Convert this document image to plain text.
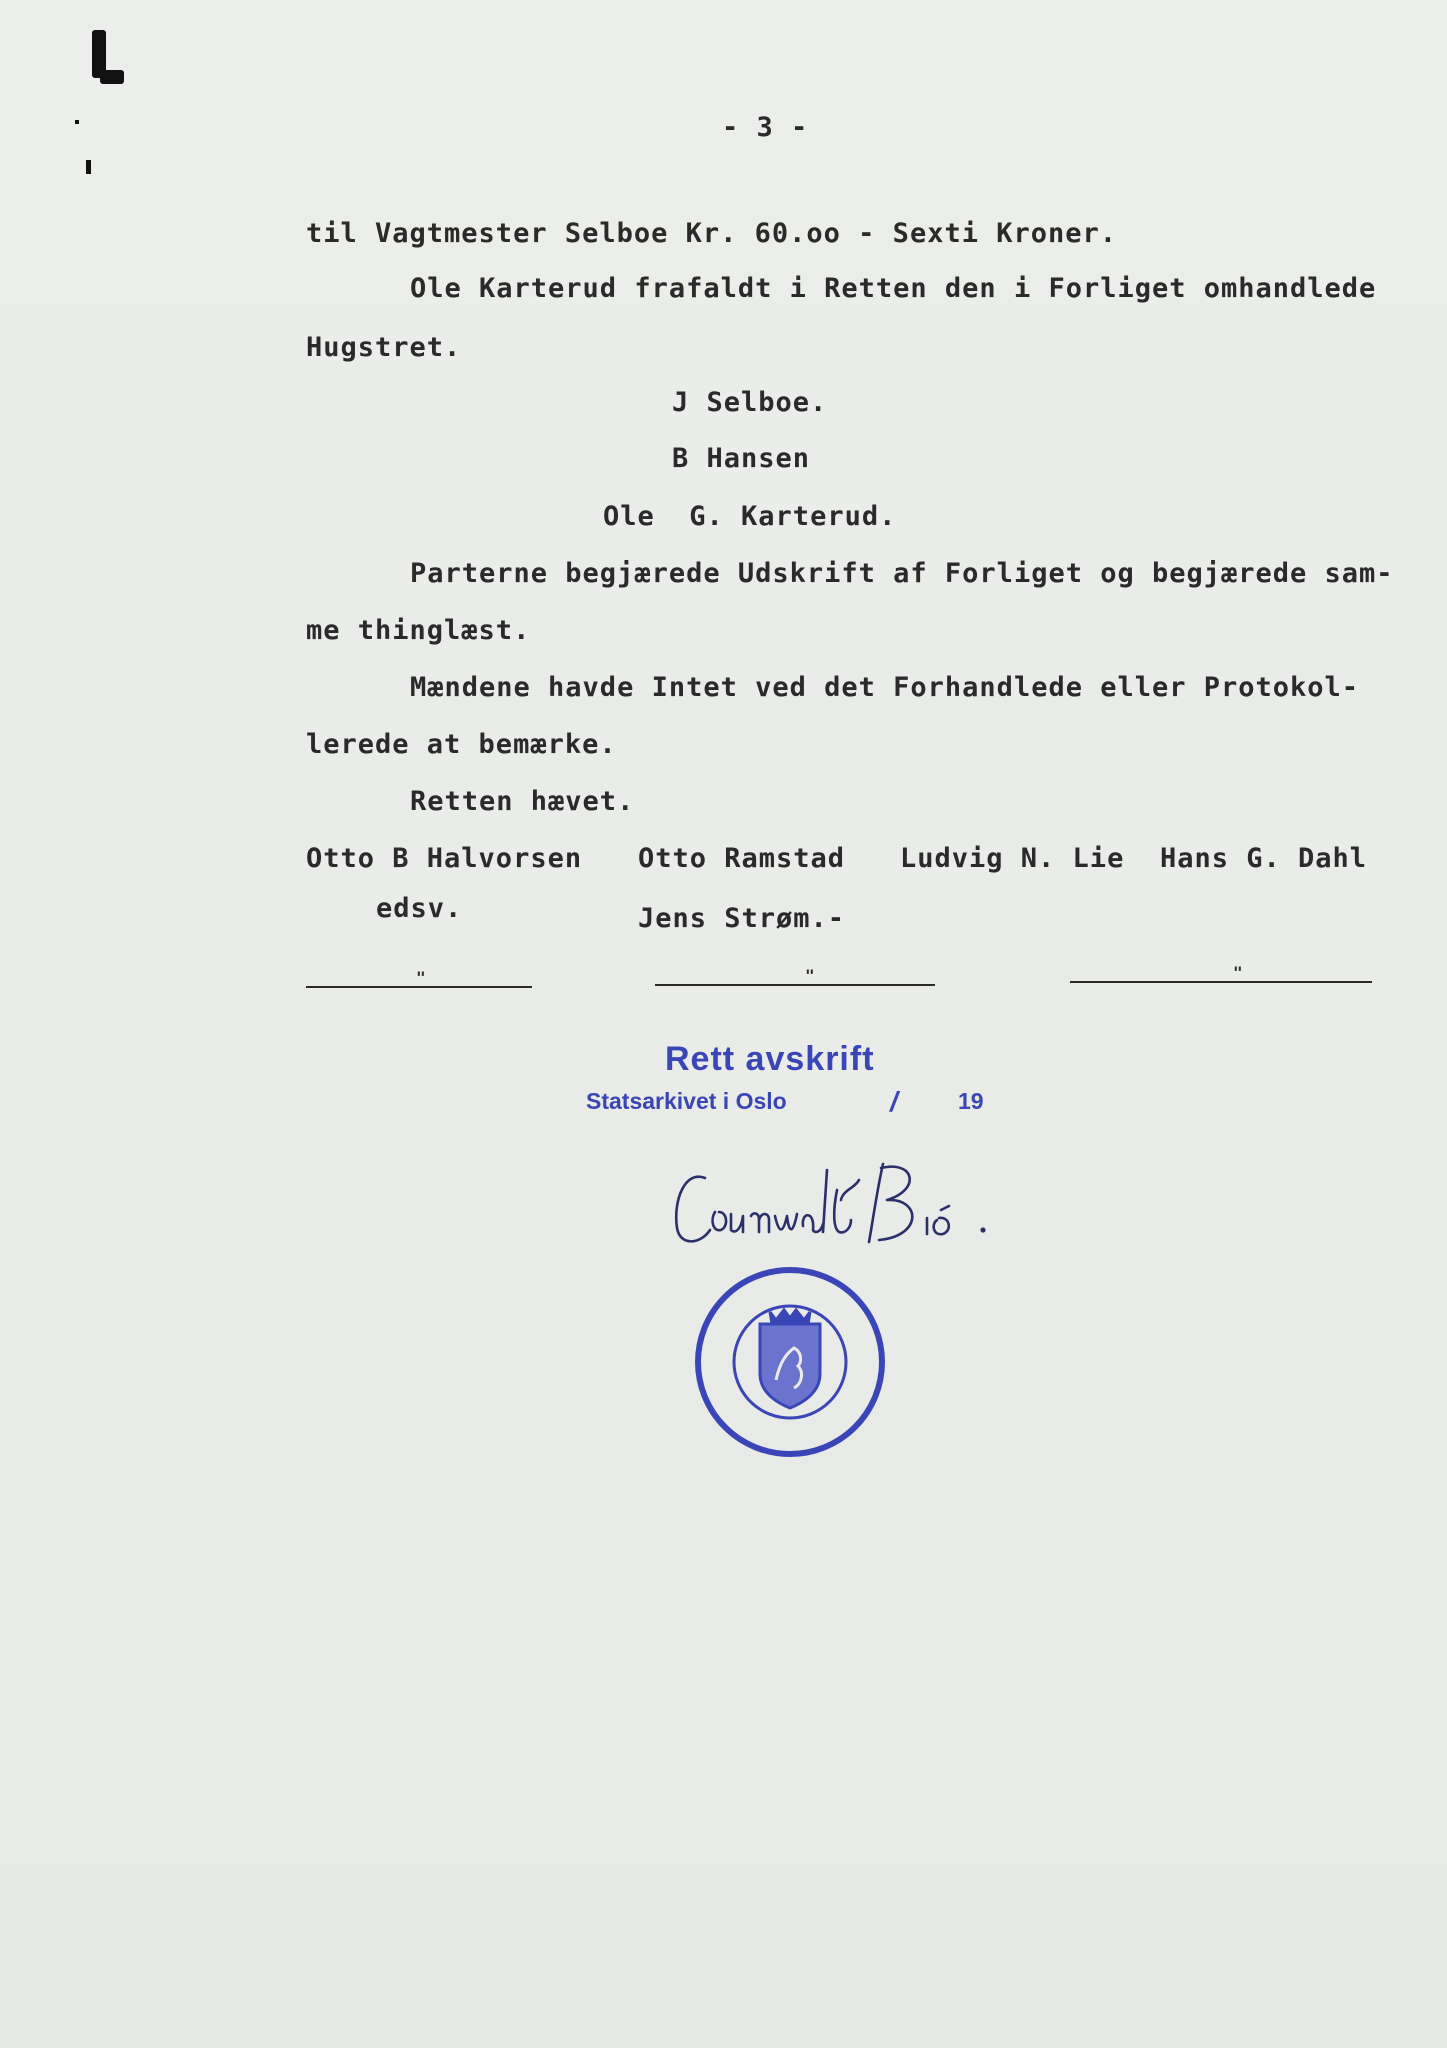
- 3 -
til Vagtmester Selboe Kr. 60.oo - Sexti Kroner.
Ole Karterud frafaldt i Retten den i Forliget omhandlede
Hugstret.
J Selboe.
B Hansen
Ole  G. Karterud.
Parterne begjærede Udskrift af Forliget og begjærede sam-
me thinglæst.
Mændene havde Intet ved det Forhandlede eller Protokol-
lerede at bemærke.
Retten hævet.
Otto B Halvorsen Otto Ramstad Ludvig N. Lie Hans G. Dahl
edsv.	Jens Strøm.-
"	"	"
Rett avskrift
Statsarkivet i Oslo	/	19
